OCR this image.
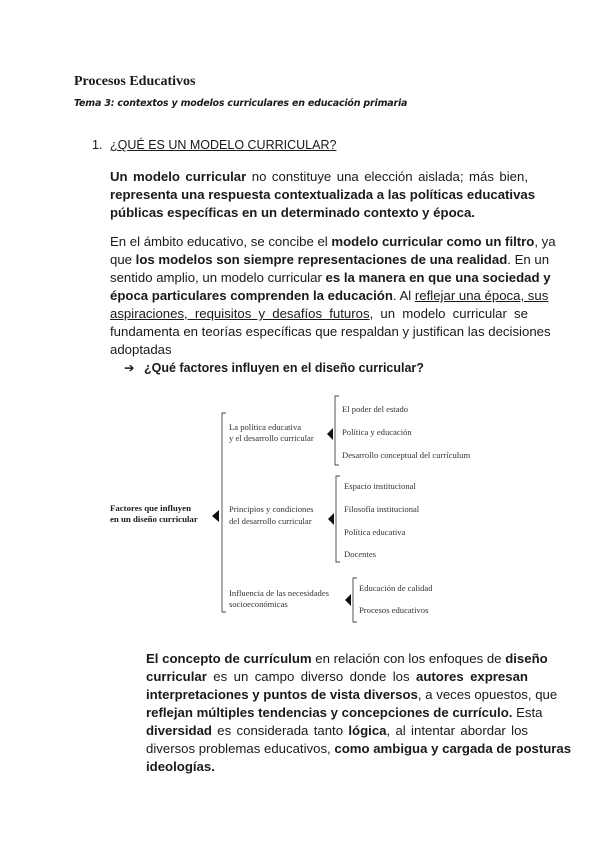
Procesos Educativos
Tema 3: contextos y modelos curriculares en educación primaria
1. ¿QUÉ ES UN MODELO CURRICULAR?
Un modelo curricular no constituye una elección aislada; más bien,
representa una respuesta contextualizada a las políticas educativas
públicas específicas en un determinado contexto y época.
En el ámbito educativo, se concibe el modelo curricular como un filtro, ya
que los modelos son siempre representaciones de una realidad. En un
sentido amplio, un modelo curricular es la manera en que una sociedad y
época particulares comprenden la educación. Al reflejar una época, sus
aspiraciones, requisitos y desafíos futuros, un modelo curricular se
fundamenta en teorías específicas que respaldan y justifican las decisiones
adoptadas
➔ ¿Qué factores influyen en el diseño curricular?
Factores que influyen
en un diseño curricular
La política educativa
y el desarrollo curricular
El poder del estado
Política y educación
Desarrollo conceptual del currículum
Principios y condiciones
del desarrollo curricular
Espacio institucional
Filosofía institucional
Política educativa
Docentes
Influencia de las necesidades
socioeconómicas
Educación de calidad
Procesos educativos
El concepto de currículum en relación con los enfoques de diseño
curricular es un campo diverso donde los autores expresan
interpretaciones y puntos de vista diversos, a veces opuestos, que
reflejan múltiples tendencias y concepciones de currículo. Esta
diversidad es considerada tanto lógica, al intentar abordar los
diversos problemas educativos, como ambigua y cargada de posturas
ideologías.
